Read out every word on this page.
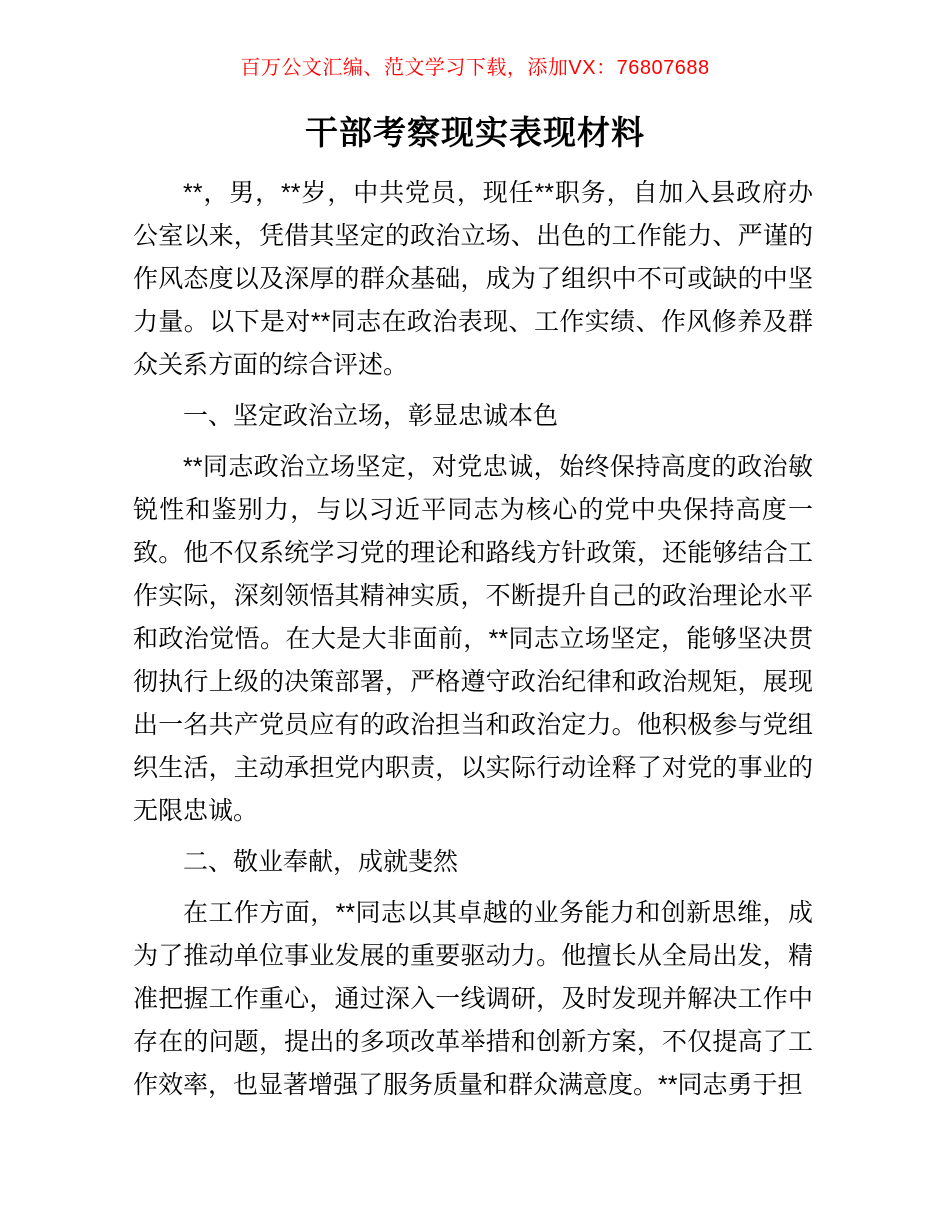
百万公文汇编、范文学习下载，添加VX：76807688
干部考察现实表现材料

**，男，**岁，中共党员，现任**职务，自加入县政府办公室以来，凭借其坚定的政治立场、出色的工作能力、严谨的作风态度以及深厚的群众基础，成为了组织中不可或缺的中坚力量。以下是对**同志在政治表现、工作实绩、作风修养及群众关系方面的综合评述。

一、坚定政治立场，彰显忠诚本色

**同志政治立场坚定，对党忠诚，始终保持高度的政治敏锐性和鉴别力，与以习近平同志为核心的党中央保持高度一致。他不仅系统学习党的理论和路线方针政策，还能够结合工作实际，深刻领悟其精神实质，不断提升自己的政治理论水平和政治觉悟。在大是大非面前，**同志立场坚定，能够坚决贯彻执行上级的决策部署，严格遵守政治纪律和政治规矩，展现出一名共产党员应有的政治担当和政治定力。他积极参与党组织生活，主动承担党内职责，以实际行动诠释了对党的事业的无限忠诚。

二、敬业奉献，成就斐然

在工作方面，**同志以其卓越的业务能力和创新思维，成为了推动单位事业发展的重要驱动力。他擅长从全局出发，精准把握工作重心，通过深入一线调研，及时发现并解决工作中存在的问题，提出的多项改革举措和创新方案，不仅提高了工作效率，也显著增强了服务质量和群众满意度。**同志勇于担
